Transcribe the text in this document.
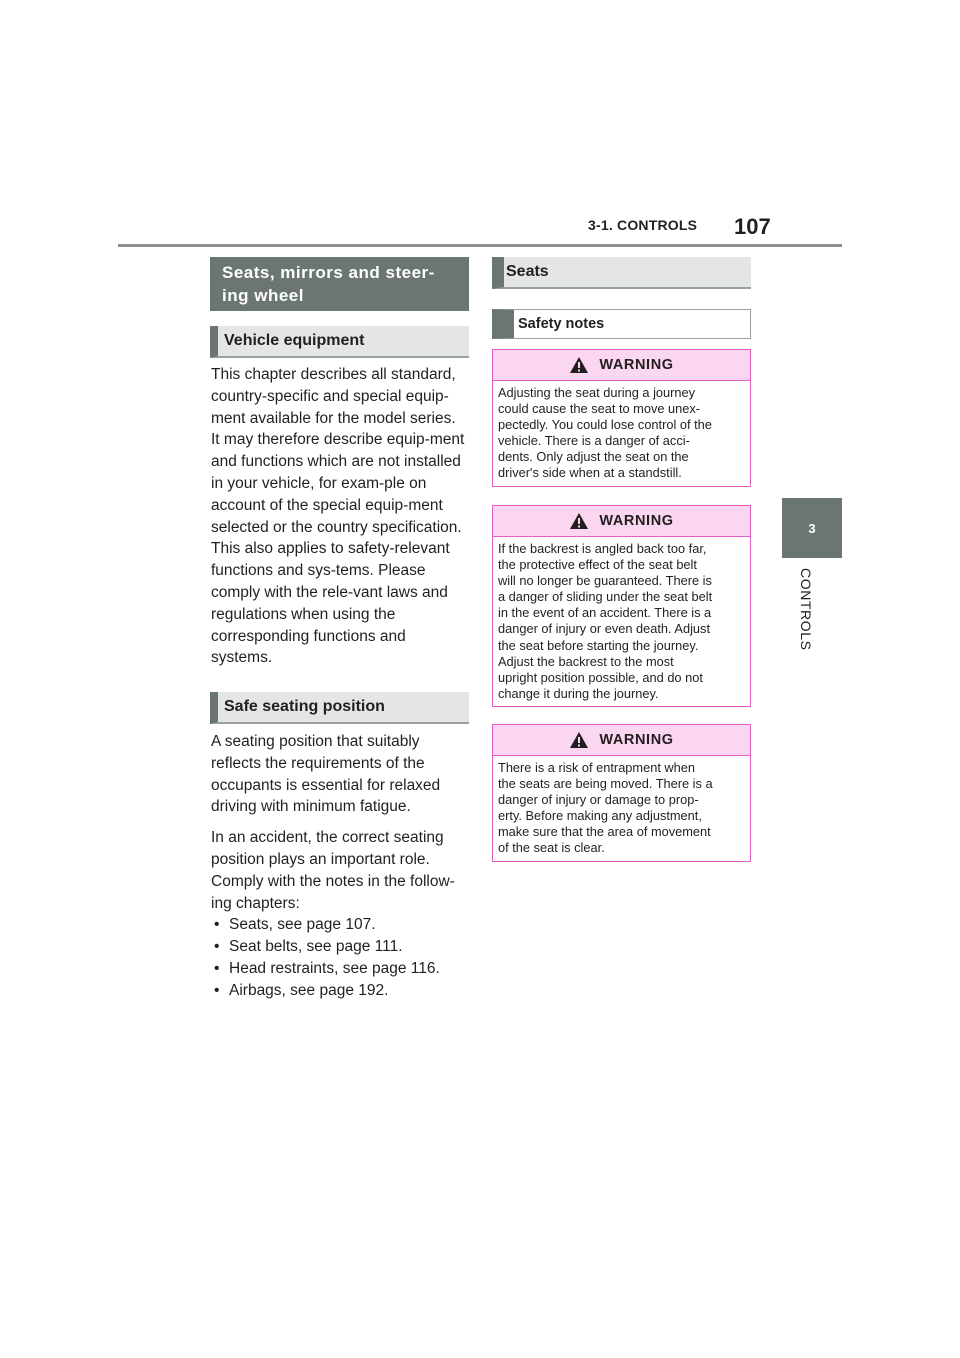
3-1. CONTROLS 107
3
CONTROLS
Seats, mirrors and steer-ing wheel
Vehicle equipment

This chapter describes all standard, country-specific and special equip-ment available for the model series. It may therefore describe equip-ment and functions which are not installed in your vehicle, for exam-ple on account of the special equip-ment selected or the country specification. This also applies to safety-relevant functions and sys-tems. Please comply with the rele-vant laws and regulations when using the corresponding functions and systems.

Safe seating position

A seating position that suitably reflects the requirements of the occupants is essential for relaxed driving with minimum fatigue.

In an accident, the correct seating position plays an important role. Comply with the notes in the follow-ing chapters:

• Seats, see page 107.
• Seat belts, see page 111.
• Head restraints, see page 116.
• Airbags, see page 192.
Seats
Safety notes
WARNING
Adjusting the seat during a journey
could cause the seat to move unex-
pectedly. You could lose control of the
vehicle. There is a danger of acci-
dents. Only adjust the seat on the
driver's side when at a standstill.
WARNING
If the backrest is angled back too far,
the protective effect of the seat belt
will no longer be guaranteed. There is
a danger of sliding under the seat belt
in the event of an accident. There is a
danger of injury or even death. Adjust
the seat before starting the journey.
Adjust the backrest to the most
upright position possible, and do not
change it during the journey.
WARNING
There is a risk of entrapment when
the seats are being moved. There is a
danger of injury or damage to prop-
erty. Before making any adjustment,
make sure that the area of movement
of the seat is clear.
